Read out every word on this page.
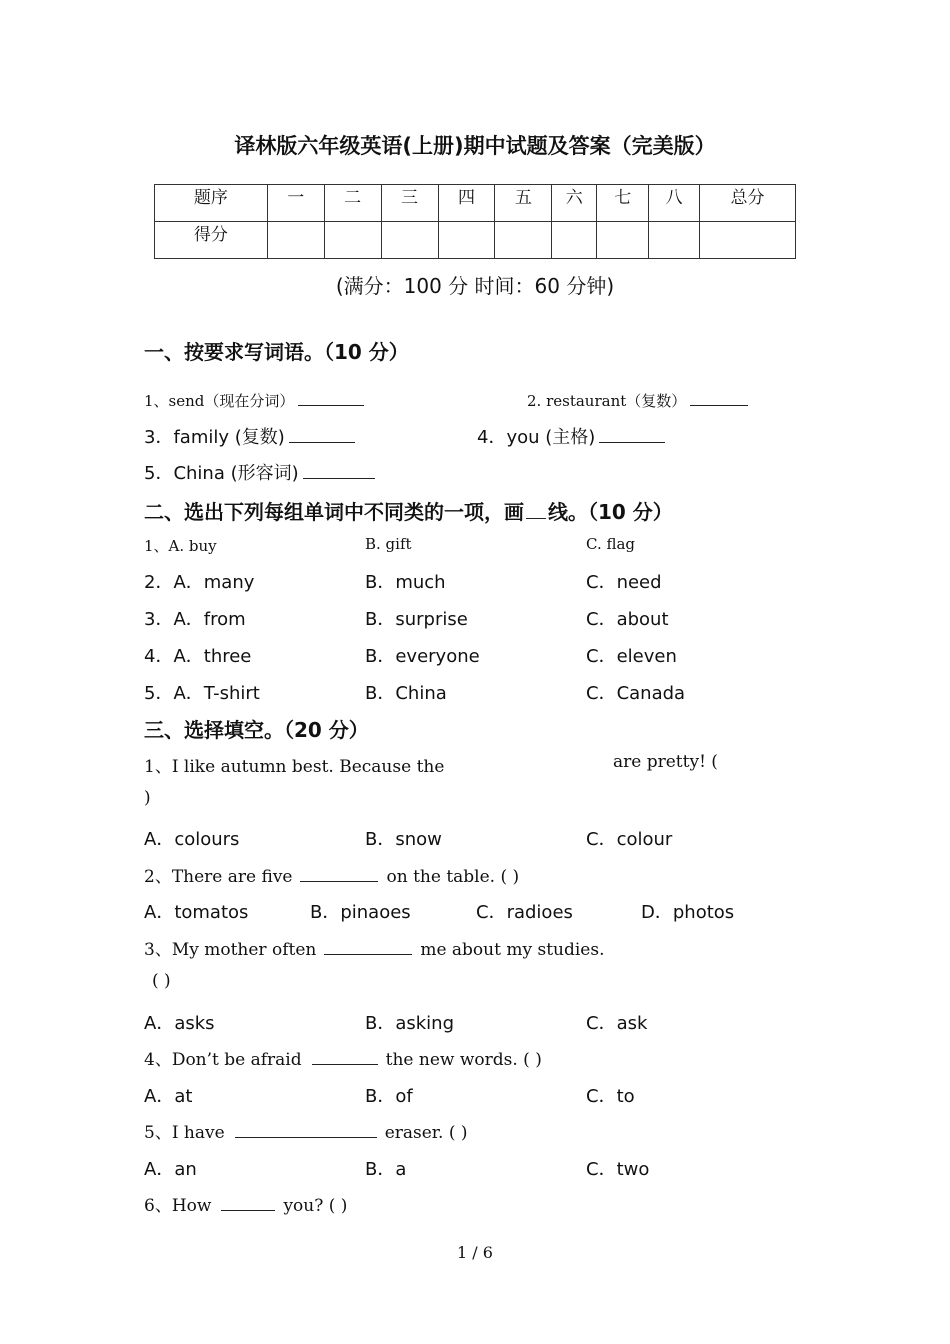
译林版六年级英语(上册)期中试题及答案（完美版）
题序	一	二	三	四	五	六	七	八	总分
得分									
(满分：100 分 时间：60 分钟)
一、按要求写词语。（10 分）
1、send（现在分词）	2. restaurant（复数）
3．family (复数)	4．you (主格)
5．China (形容词)
二、选出下列每组单词中不同类的一项，画 线。（10 分）
1、A. buy	B. gift	C. flag
2．A．many	B．much	C．need
3．A．from	B．surprise	C．about
4．A．three	B．everyone	C．eleven
5．A．T-shirt	B．China	C．Canada
三、选择填空。（20 分）
1、I like autumn best. Because the	are pretty! (
)
A．colours	B．snow	C．colour
2、There are five	on the table. ( )
A．tomatos	B．pinaoes	C．radioes	D．photos
3、My mother often	me about my studies.
( )
A．asks	B．asking	C．ask
4、Don’t be afraid	the new words. ( )
A．at	B．of	C．to
5、I have	eraser. ( )
A．an	B．a	C．two
6、How	you? ( )
1 / 6
